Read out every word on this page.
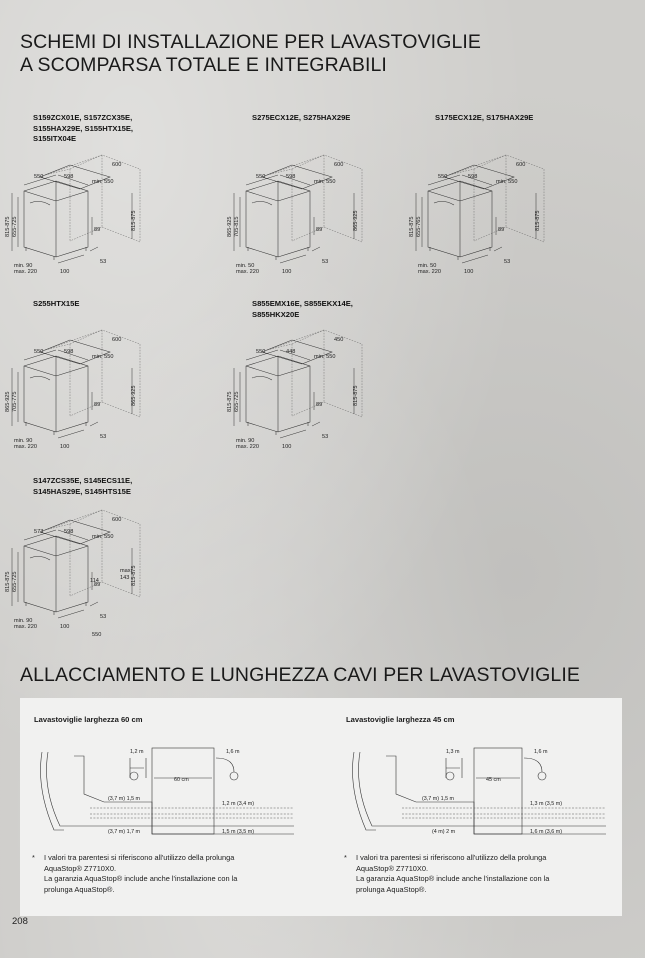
SCHEMI DI INSTALLAZIONE PER LAVASTOVIGLIE
A SCOMPARSA TOTALE E INTEGRABILI

S159ZCX01E, S157ZCX35E,

S155HAX29E, S155HTX15E,

S155ITX04E

S275ECX12E, S275HAX29E	S175ECX12E, S175HAX29E

S255HTX15E	S855EMX16E, S855EKX14E,

S855HKX20E

S147ZCS35E, S145ECS11E,

S145HAS29E, S145HTS15E

550	598
600
min. 550
815-875 655-725	815-875
89
min. 90
max. 220	100
53
550	598
600
min. 550
865-925 705-815	865-925
89
min. 50
max. 220	100
53
550	598
600
min. 550
815-875 655-765	815-875
89
min. 50
max. 220	100
53
550	598
600
min. 550
865-925 705-775	865-925
89
min. 90
max. 220	100
53
550	448
450
min. 550
815-875 655-725	815-875
89
min. 90
max. 220	100
53
573	598
600
min. 550
815-875 655-725	815-875
89
min. 90
max. 220	100
53
114
max.
143
550
ALLACCIAMENTO E LUNGHEZZA CAVI PER LAVASTOVIGLIE

Lavastoviglie larghezza 60 cm	Lavastoviglie larghezza 45 cm

1,2 m	1,6 m
60 cm
(3,7 m) 1,5 m
1,2 m (3,4 m)
(3,7 m) 1,7 m	1,5 m (3,5 m)
1,3 m	1,6 m
45 cm
(3,7 m) 1,5 m
1,3 m (3,5 m)
(4 m) 2 m	1,6 m (3,6 m)
* I valori tra parentesi si riferiscono all'utilizzo della prolunga
AquaStop® Z7710X0.
La garanzia AquaStop® include anche l'installazione con la
prolunga AquaStop®.
* I valori tra parentesi si riferiscono all'utilizzo della prolunga
AquaStop® Z7710X0.
La garanzia AquaStop® include anche l'installazione con la
prolunga AquaStop®.
208
